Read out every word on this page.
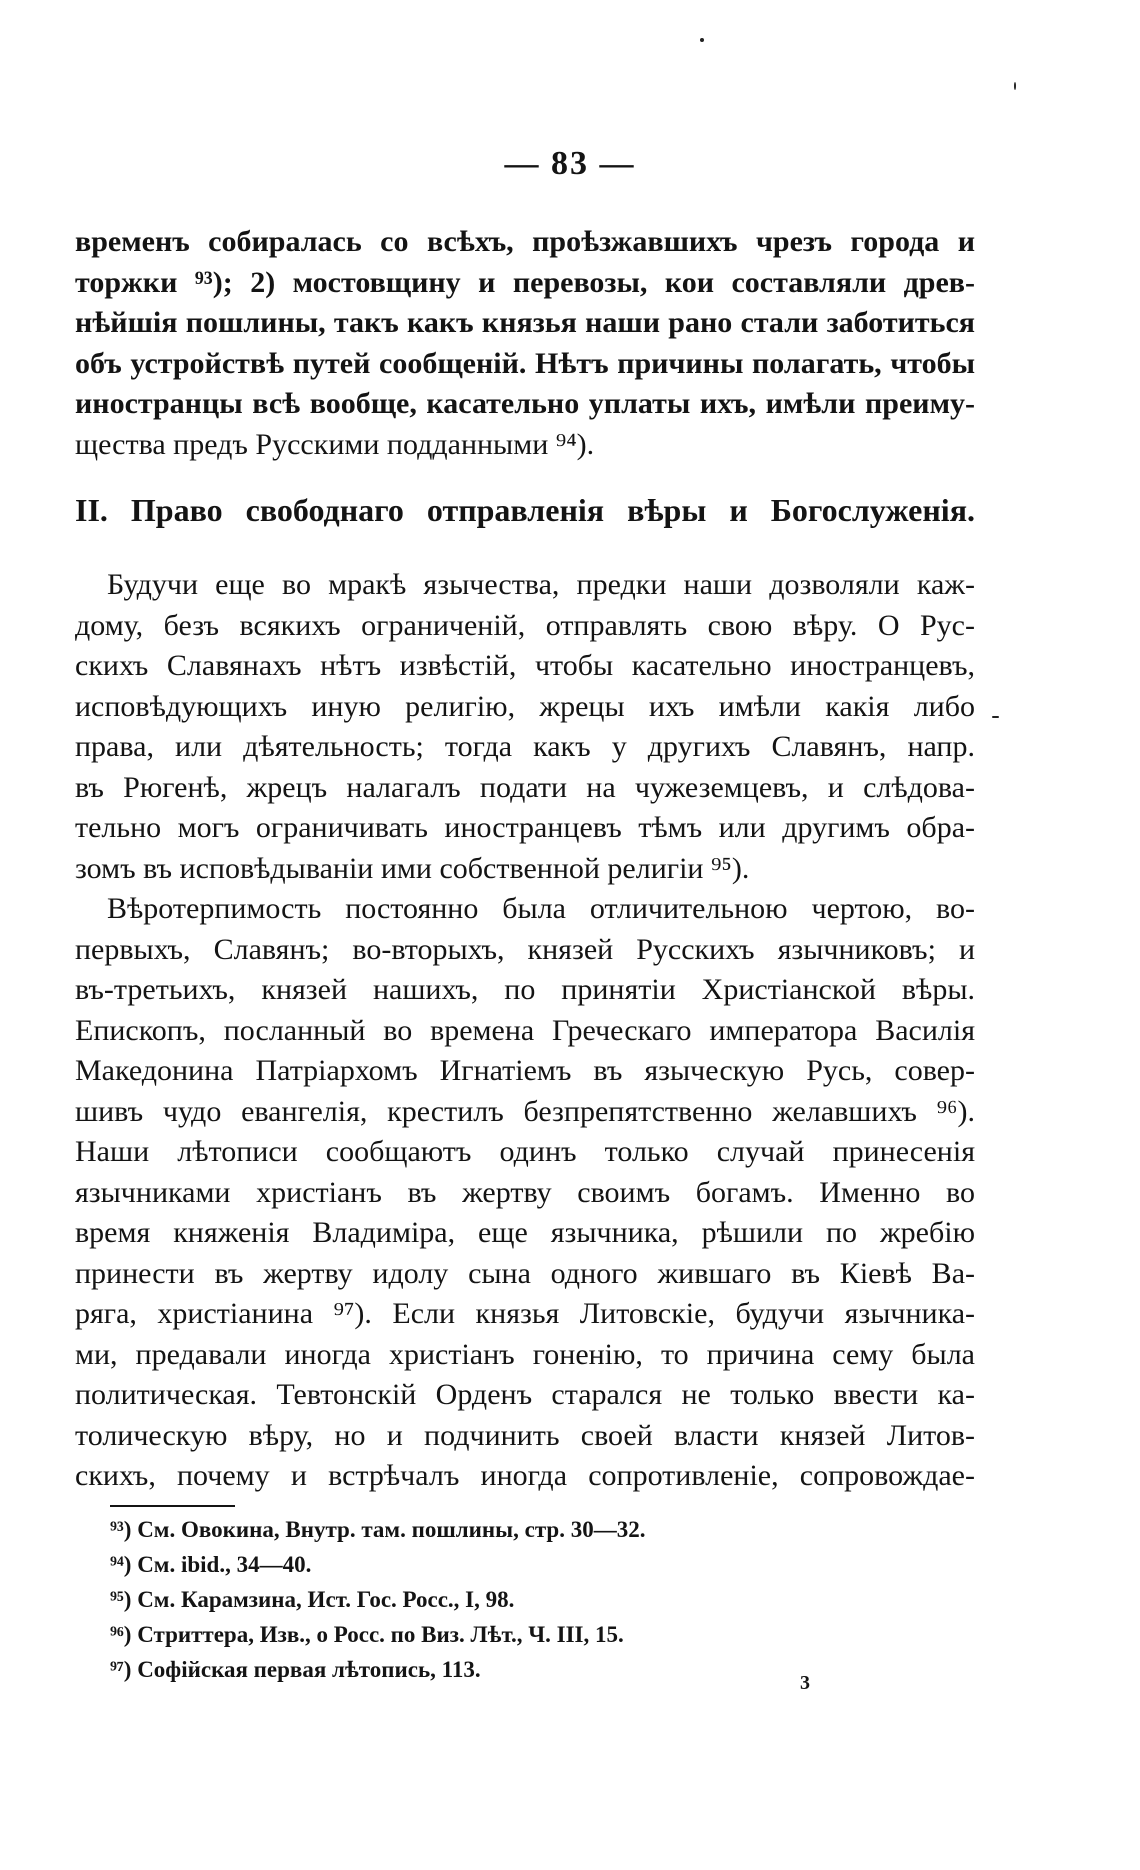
— 83 —
временъ собиралась со всѣхъ, проѣзжавшихъ чрезъ города и
торжки ⁹³); 2) мостовщину и перевозы, кои составляли древ-
нѣйшія пошлины, такъ какъ князья наши рано стали заботиться
объ устройствѣ путей сообщеній. Нѣтъ причины полагать, чтобы
иностранцы всѣ вообще, касательно уплаты ихъ, имѣли преиму-
щества предъ Русскими подданными ⁹⁴).
II. Право свободнаго отправленія вѣры и Богослуженія.
Будучи еще во мракѣ язычества, предки наши дозволяли каж-
дому, безъ всякихъ ограниченій, отправлять свою вѣру. О Рус-
скихъ Славянахъ нѣтъ извѣстій, чтобы касательно иностранцевъ,
исповѣдующихъ иную религію, жрецы ихъ имѣли какія либо
права, или дѣятельность; тогда какъ у другихъ Славянъ, напр.
въ Рюгенѣ, жрецъ налагалъ подати на чужеземцевъ, и слѣдова-
тельно могъ ограничивать иностранцевъ тѣмъ или другимъ обра-
зомъ въ исповѣдываніи ими собственной религіи ⁹⁵).
Вѣротерпимость постоянно была отличительною чертою, во-
первыхъ, Славянъ; во-вторыхъ, князей Русскихъ язычниковъ; и
въ-третьихъ, князей нашихъ, по принятіи Христіанской вѣры.
Епископъ, посланный во времена Греческаго императора Василія
Македонина Патріархомъ Игнатіемъ въ языческую Русь, совер-
шивъ чудо евангелія, крестилъ безпрепятственно желавшихъ ⁹⁶).
Наши лѣтописи сообщаютъ одинъ только случай принесенія
язычниками христіанъ въ жертву своимъ богамъ. Именно во
время княженія Владиміра, еще язычника, рѣшили по жребію
принести въ жертву идолу сына одного жившаго въ Кіевѣ Ва-
ряга, христіанина ⁹⁷). Если князья Литовскіе, будучи язычника-
ми, предавали иногда христіанъ гоненію, то причина сему была
политическая. Тевтонскій Орденъ старался не только ввести ка-
толическую вѣру, но и подчинить своей власти князей Литов-
скихъ, почему и встрѣчалъ иногда сопротивленіе, сопровождае-
⁹³) См. Овокина, Внутр. там. пошлины, стр. 30—32.
⁹⁴) См. ibid., 34—40.
⁹⁵) См. Карамзина, Ист. Гос. Росс., I, 98.
⁹⁶) Стриттера, Изв., о Росс. по Виз. Лѣт., Ч. III, 15.
⁹⁷) Софійская первая лѣтопись, 113.
3
